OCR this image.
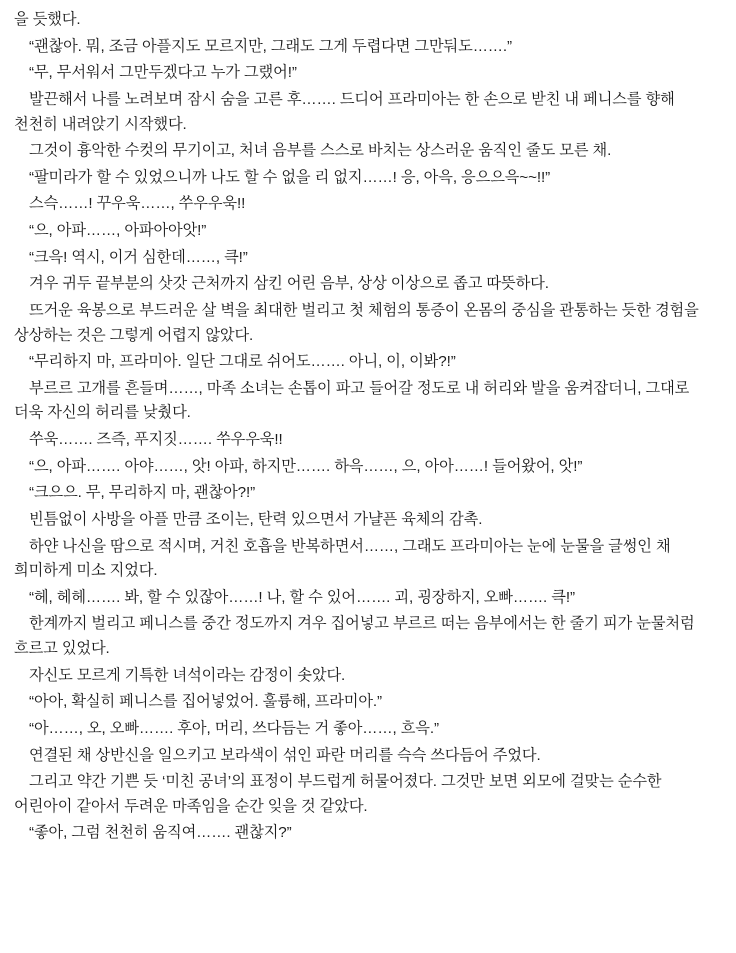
을 듯했다.

“괜찮아. 뭐, 조금 아플지도 모르지만, 그래도 그게 두렵다면 그만둬도…….”

“무, 무서워서 그만두겠다고 누가 그랬어!”

발끈해서 나를 노려보며 잠시 숨을 고른 후……. 드디어 프라미아는 한 손으로 받친 내 페니스를 향해 천천히 내려앉기 시작했다.

그것이 흉악한 수컷의 무기이고, 처녀 음부를 스스로 바치는 상스러운 움직인 줄도 모른 채.

“팔미라가 할 수 있었으니까 나도 할 수 없을 리 없지……! 응, 아윽, 응으으윽~~!!”

스슥……! 꾸우욱……, 쑤우우욱!!

“으, 아파……, 아파아아앗!”

“크윽! 역시, 이거 심한데……, 큭!”

겨우 귀두 끝부분의 삿갓 근처까지 삼킨 어린 음부, 상상 이상으로 좁고 따뜻하다.

뜨거운 육봉으로 부드러운 살 벽을 최대한 벌리고 첫 체험의 통증이 온몸의 중심을 관통하는 듯한 경험을 상상하는 것은 그렇게 어렵지 않았다.

“무리하지 마, 프라미아. 일단 그대로 쉬어도……. 아니, 이, 이봐?!”

부르르 고개를 흔들며……, 마족 소녀는 손톱이 파고 들어갈 정도로 내 허리와 발을 움켜잡더니, 그대로 더욱 자신의 허리를 낮췄다.

쑤욱……. 즈즉, 푸지짓……. 쑤우우욱!!

“으, 아파……. 아야……, 앗! 아파, 하지만……. 하윽……, 으, 아아……! 들어왔어, 앗!”

“크으으. 무, 무리하지 마, 괜찮아?!”

빈틈없이 사방을 아플 만큼 조이는, 탄력 있으면서 가냘픈 육체의 감촉.

하얀 나신을 땀으로 적시며, 거친 호흡을 반복하면서……, 그래도 프라미아는 눈에 눈물을 글썽인 채 희미하게 미소 지었다.

“헤, 헤헤……. 봐, 할 수 있잖아……! 나, 할 수 있어……. 괴, 굉장하지, 오빠……. 큭!”

한계까지 벌리고 페니스를 중간 정도까지 겨우 집어넣고 부르르 떠는 음부에서는 한 줄기 피가 눈물처럼 흐르고 있었다.

자신도 모르게 기특한 녀석이라는 감정이 솟았다.

“아아, 확실히 페니스를 집어넣었어. 훌륭해, 프라미아.”

“아……, 오, 오빠……. 후아, 머리, 쓰다듬는 거 좋아……, 흐윽.”

연결된 채 상반신을 일으키고 보라색이 섞인 파란 머리를 슥슥 쓰다듬어 주었다.

그리고 약간 기쁜 듯 ‘미친 공녀’의 표정이 부드럽게 허물어졌다. 그것만 보면 외모에 걸맞는 순수한 어린아이 같아서 두려운 마족임을 순간 잊을 것 같았다.

“좋아, 그럼 천천히 움직여……. 괜찮지?”
